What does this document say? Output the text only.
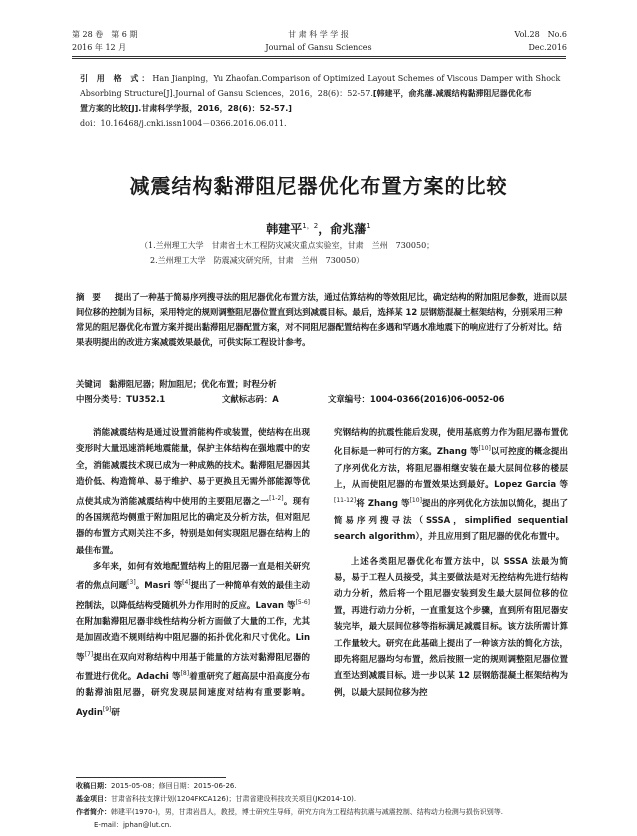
第 28 卷　第 6 期
2016 年 12 月
甘 肃 科 学 学 报
Journal of Gansu Sciences
Vol.28　No.6
Dec.2016
引 用 格 式：Han Jianping，Yu Zhaofan.Comparison of Optimized Layout Schemes of Viscous Damper with Shock
Absorbing Structure[J].Journal of Gansu Sciences，2016，28(6)：52-57.[韩建平，俞兆藩.减震结构黏滞阻尼器优化布
置方案的比较[J].甘肃科学学报，2016，28(6)：52-57.]
doi：10.16468/j.cnki.issn1004－0366.2016.06.011.
减震结构黏滞阻尼器优化布置方案的比较
韩建平$^{1,2}$，俞兆藩$^1$
（1.兰州理工大学　甘肃省土木工程防灾减灾重点实验室，甘肃　兰州　730050；
2.兰州理工大学　防震减灾研究所，甘肃　兰州　730050）
摘要 提出了一种基于简易序列搜寻法的阻尼器优化布置方法，通过估算结构的等效阻尼比，确定结构的附加阻尼参数，进而以层间位移的控制为目标，采用特定的规则调整阻尼器位置直到达到减震目标。最后，选择某 12 层钢筋混凝土框架结构，分别采用三种常见的阻尼器优化布置方案并提出黏滞阻尼器配置方案，对不同阻尼器配置结构在多遇和罕遇水准地震下的响应进行了分析对比。结果表明提出的改进方案减震效果最优，可供实际工程设计参考。
关键词 黏滞阻尼器；附加阻尼；优化布置；时程分析
中图分类号：TU352.1	文献标志码：A	文章编号：1004-0366(2016)06-0052-06

消能减震结构是通过设置消能构件或装置，使结构在出现变形时大量迅速消耗地震能量，保护主体结构在强地震中的安全，消能减震技术现已成为一种成熟的技术。黏滞阻尼器因其造价低、构造简单、易于维护、易于更换且无需外部能源等优点使其成为消能减震结构中使用的主要阻尼器之一[1-2]。现有的各国规范均侧重于附加阻尼比的确定及分析方法，但对阻尼器的布置方式则关注不多，特别是如何实现阻尼器在结构上的最佳布置。

多年来，如何有效地配置结构上的阻尼器一直是相关研究者的焦点问题[3]。Masri 等[4]提出了一种简单有效的最佳主动控制法，以降低结构受随机外力作用时的反应。Lavan 等[5-6]在附加黏滞阻尼器非线性结构分析方面做了大量的工作，尤其是加固改造不规则结构中阻尼器的拓扑优化和尺寸优化。Lin 等[7]提出在双向对称结构中用基于能量的方法对黏滞阻尼器的布置进行优化。Adachi 等[8]着重研究了超高层中沿高度分布的黏滞油阻尼器，研究发现层间速度对结构有重要影响。Aydin[9]研

究钢结构的抗震性能后发现，使用基底剪力作为阻尼器布置优化目标是一种可行的方案。Zhang 等[10]以可控度的概念提出了序列优化方法，将阻尼器相继安装在最大层间位移的楼层上，从而使阻尼器的布置效果达到最好。Lopez Garcia 等[11-12]将 Zhang 等[10]提出的序列优化方法加以简化，提出了简易序列搜寻法（SSSA，simplified sequential search algorithm），并且应用到了阻尼器的优化布置中。

上述各类阻尼器优化布置方法中，以 SSSA 法最为简易，易于工程人员接受，其主要做法是对无控结构先进行结构动力分析，然后将一个阻尼器安装到发生最大层间位移的位置，再进行动力分析，一直重复这个步骤，直到所有阻尼器安装完毕，最大层间位移等指标满足减震目标。该方法所需计算工作量较大。研究在此基础上提出了一种该方法的简化方法，即先将阻尼器均匀布置，然后按照一定的规则调整阻尼器位置直至达到减震目标。进一步以某 12 层钢筋混凝土框架结构为例，以最大层间位移为控

收稿日期：2015-05-08；修回日期：2015-06-26.
基金项目：甘肃省科技支撑计划(1204FKCA126)；甘肃省建设科技攻关项目(JK2014-10).
作者简介：韩建平(1970-)，男，甘肃岩昌人，教授，博士研究生导师，研究方向为工程结构抗震与减震控制、结构动力检测与损伤识别等.
E-mail：jphan@lut.cn.
